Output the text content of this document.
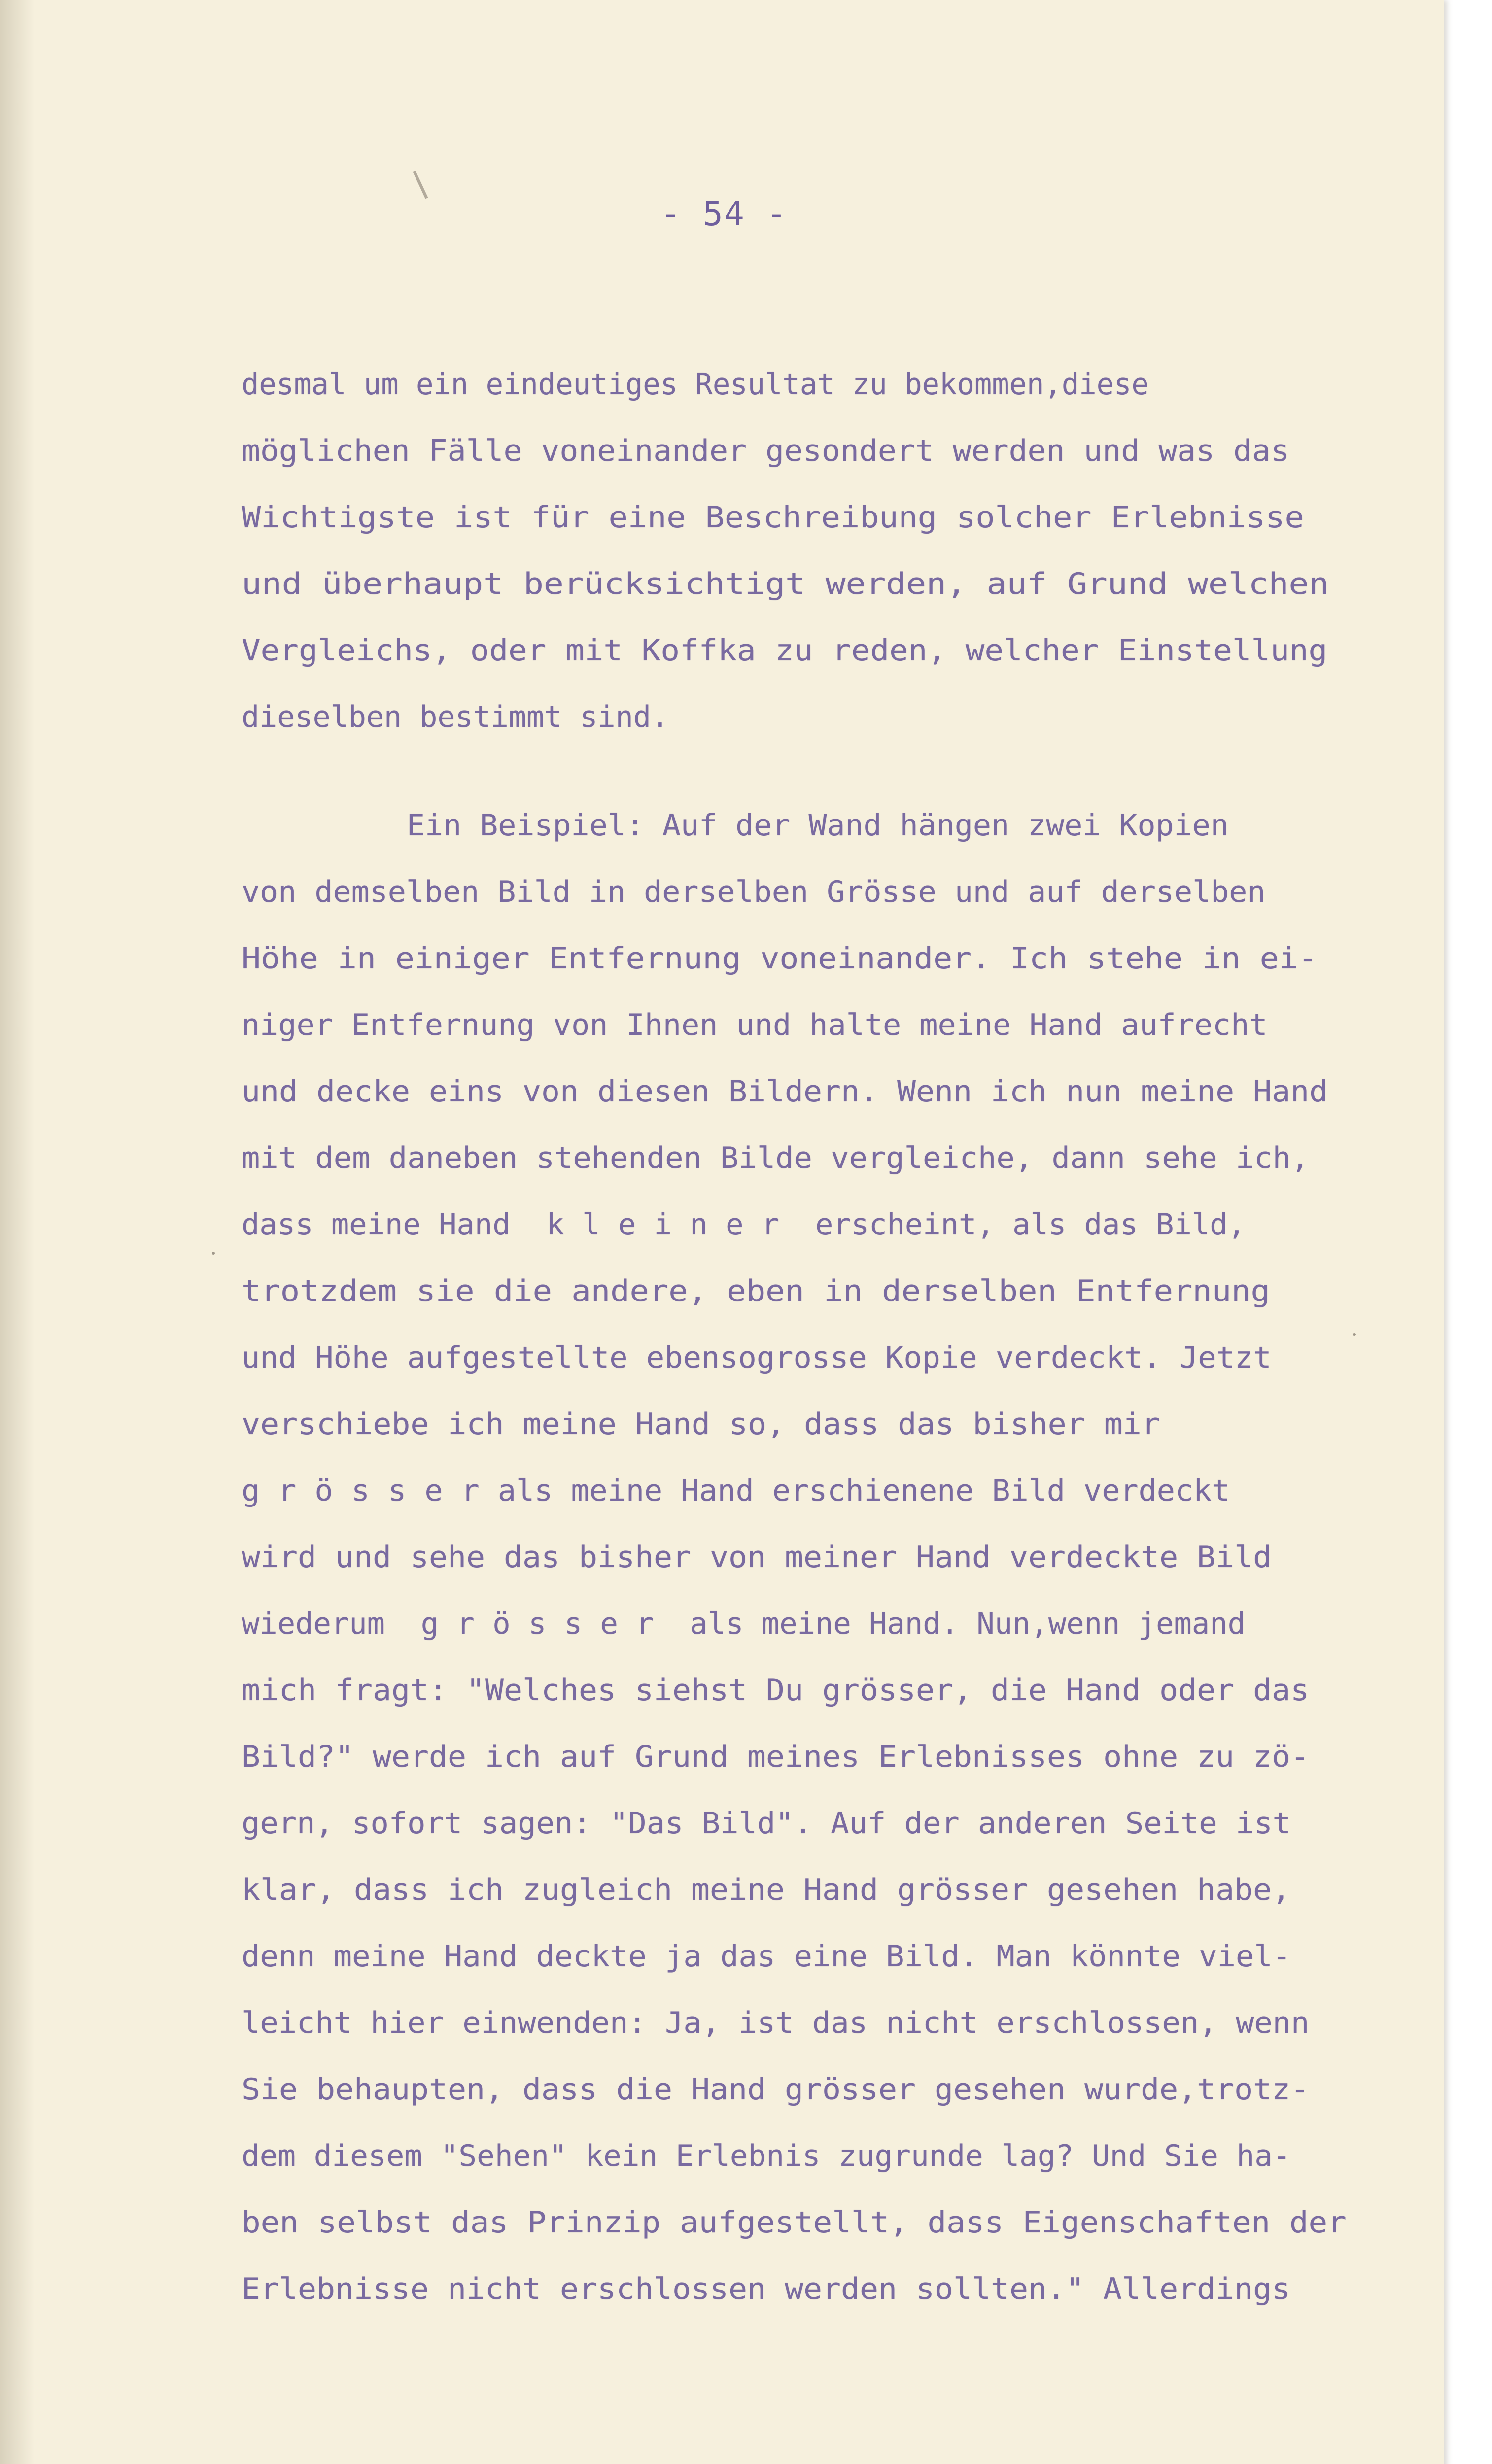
- 54 -
desmal um ein eindeutiges Resultat zu bekommen,diese
möglichen Fälle voneinander gesondert werden und was das
Wichtigste ist für eine Beschreibung solcher Erlebnisse
und überhaupt berücksichtigt werden, auf Grund welchen
Vergleichs, oder mit Koffka zu reden, welcher Einstellung
dieselben bestimmt sind.
Ein Beispiel: Auf der Wand hängen zwei Kopien
von demselben Bild in derselben Grösse und auf derselben
Höhe in einiger Entfernung voneinander. Ich stehe in ei-
niger Entfernung von Ihnen und halte meine Hand aufrecht
und decke eins von diesen Bildern. Wenn ich nun meine Hand
mit dem daneben stehenden Bilde vergleiche, dann sehe ich,
dass meine Hand  k l e i n e r  erscheint, als das Bild,
trotzdem sie die andere, eben in derselben Entfernung
und Höhe aufgestellte ebensogrosse Kopie verdeckt. Jetzt
verschiebe ich meine Hand so, dass das bisher mir
g r ö s s e r als meine Hand erschienene Bild verdeckt
wird und sehe das bisher von meiner Hand verdeckte Bild
wiederum  g r ö s s e r  als meine Hand. Nun,wenn jemand
mich fragt: "Welches siehst Du grösser, die Hand oder das
Bild?" werde ich auf Grund meines Erlebnisses ohne zu zö-
gern, sofort sagen: "Das Bild". Auf der anderen Seite ist
klar, dass ich zugleich meine Hand grösser gesehen habe,
denn meine Hand deckte ja das eine Bild. Man könnte viel-
leicht hier einwenden: Ja, ist das nicht erschlossen, wenn
Sie behaupten, dass die Hand grösser gesehen wurde,trotz-
dem diesem "Sehen" kein Erlebnis zugrunde lag? Und Sie ha-
ben selbst das Prinzip aufgestellt, dass Eigenschaften der
Erlebnisse nicht erschlossen werden sollten." Allerdings
